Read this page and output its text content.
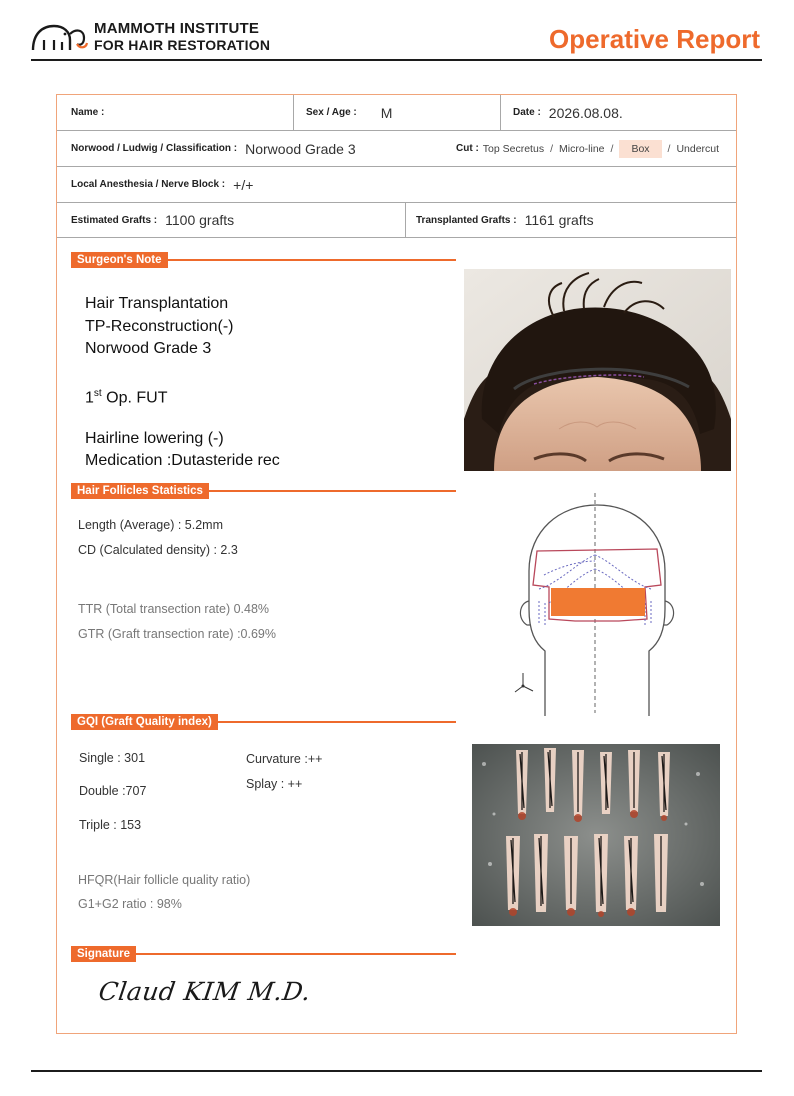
MAMMOTH INSTITUTE
FOR HAIR RESTORATION	Operative Report
Name :	Sex / Age : M	Date : 2026.08.08.
Norwood / Ludwig / Classification : Norwood Grade 3	Cut : Top Secretus / Micro-line /	Box	/ Undercut
Local Anesthesia / Nerve Block : +/+
Estimated Grafts : 1100 grafts	Transplanted Grafts : 1161 grafts
Surgeon's Note
Hair Transplantation
TP-Reconstruction(-)
Norwood Grade 3
1st Op. FUT
Hairline lowering (-)
Medication :Dutasteride rec
Hair Follicles Statistics
Length (Average) : 5.2mm
CD (Calculated density) : 2.3
TTR (Total transection rate) 0.48%
GTR (Graft transection rate) :0.69%
GQI (Graft Quality index)
Single : 301
Double :707
Triple : 153
Curvature :++
Splay : ++
HFQR(Hair follicle quality ratio)
G1+G2 ratio : 98%
Signature
Claud KIM M.D.
